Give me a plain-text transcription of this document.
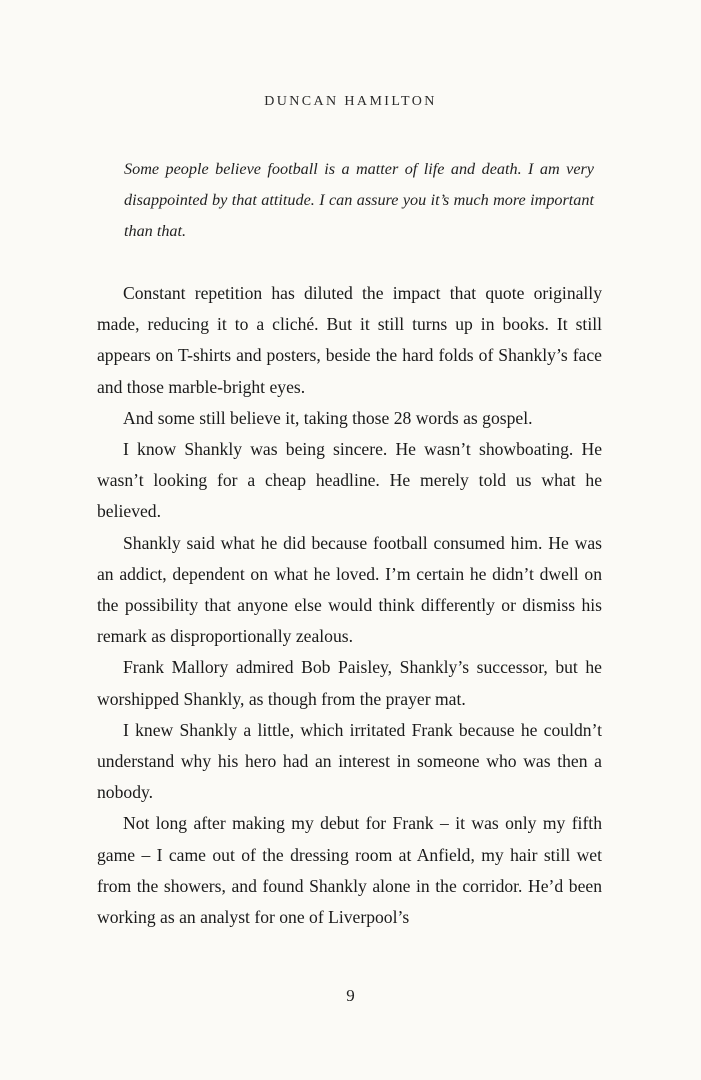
DUNCAN HAMILTON
Some people believe football is a matter of life and death. I am very disappointed by that attitude. I can assure you it’s much more important than that.

Constant repetition has diluted the impact that quote originally made, reducing it to a cliché. But it still turns up in books. It still appears on T-shirts and posters, beside the hard folds of Shankly’s face and those marble-bright eyes.

And some still believe it, taking those 28 words as gospel.

I know Shankly was being sincere. He wasn’t showboating. He wasn’t looking for a cheap headline. He merely told us what he believed.

Shankly said what he did because football consumed him. He was an addict, dependent on what he loved. I’m certain he didn’t dwell on the possibility that anyone else would think differently or dismiss his remark as disproportionally zealous.

Frank Mallory admired Bob Paisley, Shankly’s successor, but he worshipped Shankly, as though from the prayer mat.

I knew Shankly a little, which irritated Frank because he couldn’t understand why his hero had an interest in someone who was then a nobody.

Not long after making my debut for Frank – it was only my fifth game – I came out of the dressing room at Anfield, my hair still wet from the showers, and found Shankly alone in the corridor. He’d been working as an analyst for one of Liverpool’s

9
